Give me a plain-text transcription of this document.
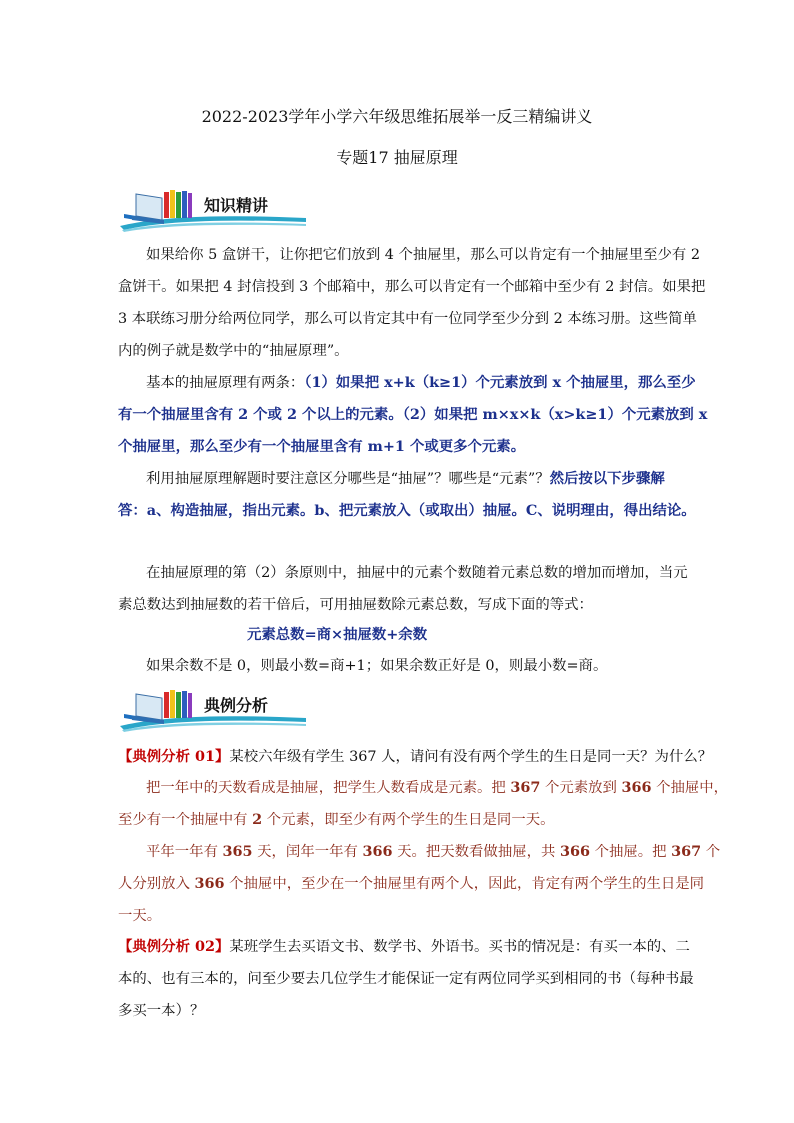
2022-2023学年小学六年级思维拓展举一反三精编讲义
专题17 抽屉原理
知识精讲
如果给你 5 盒饼干，让你把它们放到 4 个抽屉里，那么可以肯定有一个抽屉里至少有 2
盒饼干。如果把 4 封信投到 3 个邮箱中，那么可以肯定有一个邮箱中至少有 2 封信。如果把
3 本联练习册分给两位同学，那么可以肯定其中有一位同学至少分到 2 本练习册。这些简单
内的例子就是数学中的“抽屉原理”。
基本的抽屉原理有两条：（1）如果把 x+k（k≥1）个元素放到 x 个抽屉里，那么至少
有一个抽屉里含有 2 个或 2 个以上的元素。（2）如果把 m×x×k（x>k≥1）个元素放到 x
个抽屉里，那么至少有一个抽屉里含有 m+1 个或更多个元素。
利用抽屉原理解题时要注意区分哪些是“抽屉”？哪些是“元素”？然后按以下步骤解
答：a、构造抽屉，指出元素。b、把元素放入（或取出）抽屉。C、说明理由，得出结论。
在抽屉原理的第（2）条原则中，抽屉中的元素个数随着元素总数的增加而增加，当元
素总数达到抽屉数的若干倍后，可用抽屉数除元素总数，写成下面的等式：
元素总数=商×抽屉数+余数
如果余数不是 0，则最小数=商+1；如果余数正好是 0，则最小数=商。
典例分析
【典例分析 01】某校六年级有学生 367 人，请问有没有两个学生的生日是同一天？为什么？
把一年中的天数看成是抽屉，把学生人数看成是元素。把 367 个元素放到 366 个抽屉中，
至少有一个抽屉中有 2 个元素，即至少有两个学生的生日是同一天。
平年一年有 365 天，闰年一年有 366 天。把天数看做抽屉，共 366 个抽屉。把 367 个
人分别放入 366 个抽屉中，至少在一个抽屉里有两个人，因此，肯定有两个学生的生日是同
一天。
【典例分析 02】某班学生去买语文书、数学书、外语书。买书的情况是：有买一本的、二
本的、也有三本的，问至少要去几位学生才能保证一定有两位同学买到相同的书（每种书最
多买一本）？
